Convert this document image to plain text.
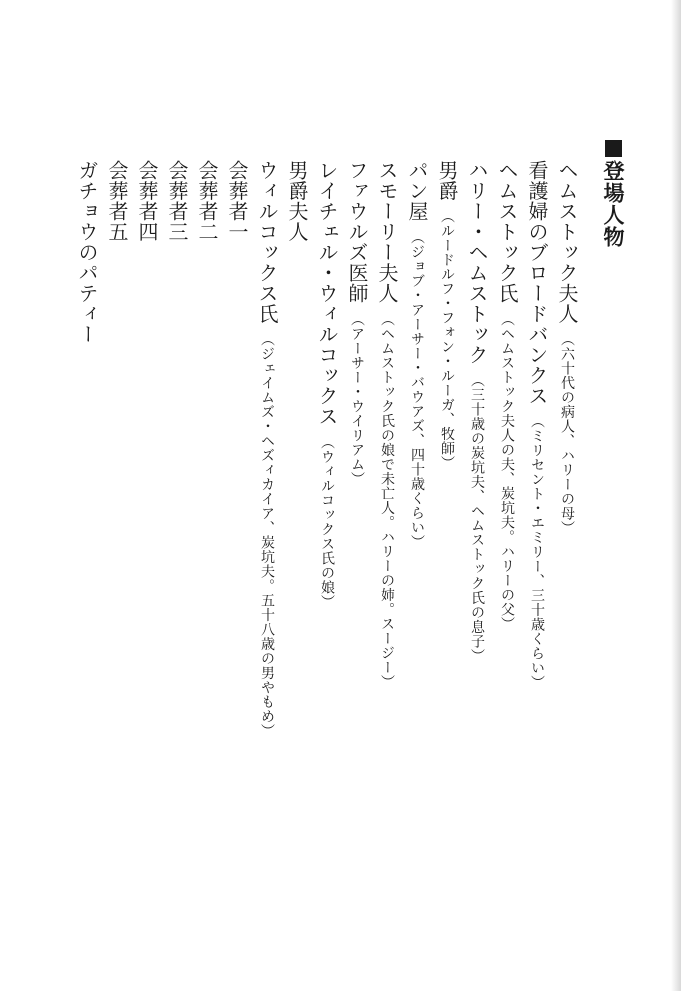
登場人物
ヘムストック夫人
（六十代の病人、ハリーの母）
看護婦のブロードバンクス
（ミリセント・エミリー、三十歳くらい）
ヘムストック氏
（ヘムストック夫人の夫、炭坑夫。ハリーの父）
ハリー・ヘムストック
（三十歳の炭坑夫、ヘムストック氏の息子）
男爵
（ルードルフ・フォン・ルーガ、牧師）
パン屋
（ジョブ・アーサー・バウアズ、四十歳くらい）
スモーリー夫人
（ヘムストック氏の娘で未亡人。ハリーの姉。スージー）
ファウルズ医師
（アーサー・ウイリアム）
レイチェル・ウィルコックス
（ウィルコックス氏の娘）
男爵夫人
ウィルコックス氏
（ジェイムズ・ヘズィカイア、炭坑夫。五十八歳の男やもめ）
会葬者一
会葬者二
会葬者三
会葬者四
会葬者五
ガチョウのパティー
